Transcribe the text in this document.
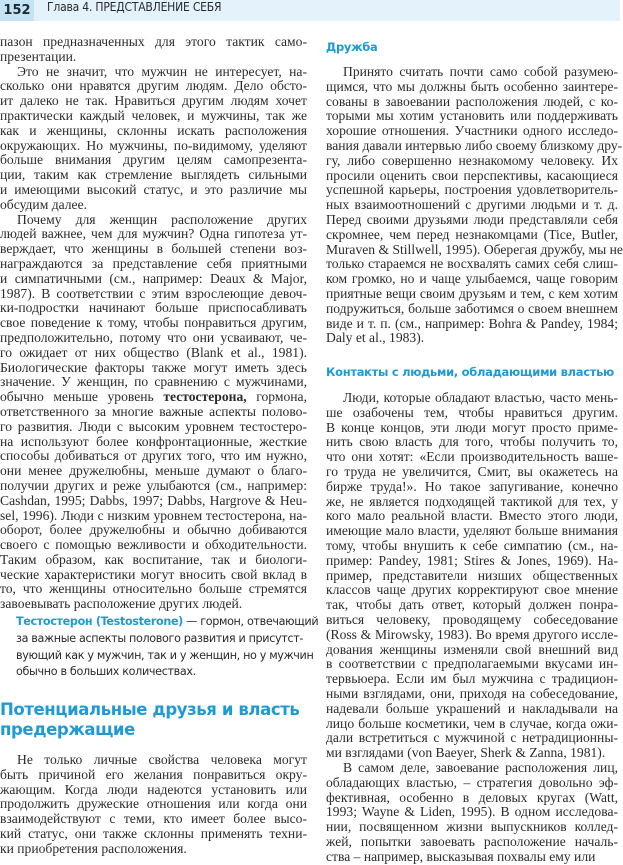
152 Глава 4. ПРЕДСТАВЛЕНИЕ СЕБЯ
пазон предназначенных для этого тактик само-
презентации.
Это не значит, что мужчин не интересует, на-
сколько они нравятся другим людям. Дело обсто-
ит далеко не так. Нравиться другим людям хочет
практически каждый человек, и мужчины, так же
как и женщины, склонны искать расположения
окружающих. Но мужчины, по-видимому, уделяют
больше внимания другим целям самопрезента-
ции, таким как стремление выглядеть сильными
и имеющими высокий статус, и это различие мы
обсудим далее.
Почему для женщин расположение других
людей важнее, чем для мужчин? Одна гипотеза ут-
верждает, что женщины в большей степени воз-
награждаются за представление себя приятными
и симпатичными (см., например: Deaux & Major,
1987). В соответствии с этим взрослеющие девоч-
ки-подростки начинают больше приспосабливать
свое поведение к тому, чтобы понравиться другим,
предположительно, потому что они усваивают, че-
го ожидает от них общество (Blank et al., 1981).
Биологические факторы также могут иметь здесь
значение. У женщин, по сравнению с мужчинами,
обычно меньше уровень тестостерона, гормона,
ответственного за многие важные аспекты полово-
го развития. Люди с высоким уровнем тестостеро-
на используют более конфронтационные, жесткие
способы добиваться от других того, что им нужно,
они менее дружелюбны, меньше думают о благо-
получии других и реже улыбаются (см., например:
Cashdan, 1995; Dabbs, 1997; Dabbs, Hargrove & Heu-
sel, 1996). Люди с низким уровнем тестостерона, на-
оборот, более дружелюбны и обычно добиваются
своего с помощью вежливости и обходительности.
Таким образом, как воспитание, так и биологи-
ческие характеристики могут вносить свой вклад в
то, что женщины относительно больше стремятся
завоевывать расположение других людей.
Тестостерон (Testosterone) — гормон, отвечающий
за важные аспекты полового развития и присутст-
вующий как у мужчин, так и у женщин, но у мужчин
обычно в больших количествах.
Потенциальные друзья и власть
предержащие
Не только личные свойства человека могут
быть причиной его желания понравиться окру-
жающим. Когда люди надеются установить или
продолжить дружеские отношения или когда они
взаимодействуют с теми, кто имеет более высо-
кий статус, они также склонны применять техни-
ки приобретения расположения.
Дружба
Принято считать почти само собой разумею-
щимся, что мы должны быть особенно заинтере-
сованы в завоевании расположения людей, с ко-
торыми мы хотим установить или поддерживать
хорошие отношения. Участники одного исследо-
вания давали интервью либо своему близкому дру-
гу, либо совершенно незнакомому человеку. Их
просили оценить свои перспективы, касающиеся
успешной карьеры, построения удовлетворитель-
ных взаимоотношений с другими людьми и т. д.
Перед своими друзьями люди представляли себя
скромнее, чем перед незнакомцами (Tice, Butler,
Muraven & Stillwell, 1995). Оберегая дружбу, мы не
только стараемся не восхвалять самих себя слиш-
ком громко, но и чаще улыбаемся, чаще говорим
приятные вещи своим друзьям и тем, с кем хотим
подружиться, больше заботимся о своем внешнем
виде и т. п. (см., например: Bohra & Pandey, 1984;
Daly et al., 1983).
Контакты с людьми, обладающими властью
Люди, которые обладают властью, часто мень-
ше озабочены тем, чтобы нравиться другим.
В конце концов, эти люди могут просто приме-
нить свою власть для того, чтобы получить то,
что они хотят: «Если производительность ваше-
го труда не увеличится, Смит, вы окажетесь на
бирже труда!». Но такое запугивание, конечно
же, не является подходящей тактикой для тех, у
кого мало реальной власти. Вместо этого люди,
имеющие мало власти, уделяют больше внимания
тому, чтобы внушить к себе симпатию (см., на-
пример: Pandey, 1981; Stires & Jones, 1969). На-
пример, представители низших общественных
классов чаще других корректируют свое мнение
так, чтобы дать ответ, который должен понра-
виться человеку, проводящему собеседование
(Ross & Mirowsky, 1983). Во время другого иссле-
дования женщины изменяли свой внешний вид
в соответствии с предполагаемыми вкусами ин-
тервьюера. Если им был мужчина с традицион-
ными взглядами, они, приходя на собеседование,
надевали больше украшений и накладывали на
лицо больше косметики, чем в случае, когда ожи-
дали встретиться с мужчиной с нетрадиционны-
ми взглядами (von Baeyer, Sherk & Zanna, 1981).
В самом деле, завоевание расположения лиц,
обладающих властью, – стратегия довольно эф-
фективная, особенно в деловых кругах (Watt,
1993; Wayne & Liden, 1995). В одном исследова-
нии, посвященном жизни выпускников коллед-
жей, попытки завоевать расположение началь-
ства – например, высказывая похвалы ему или
